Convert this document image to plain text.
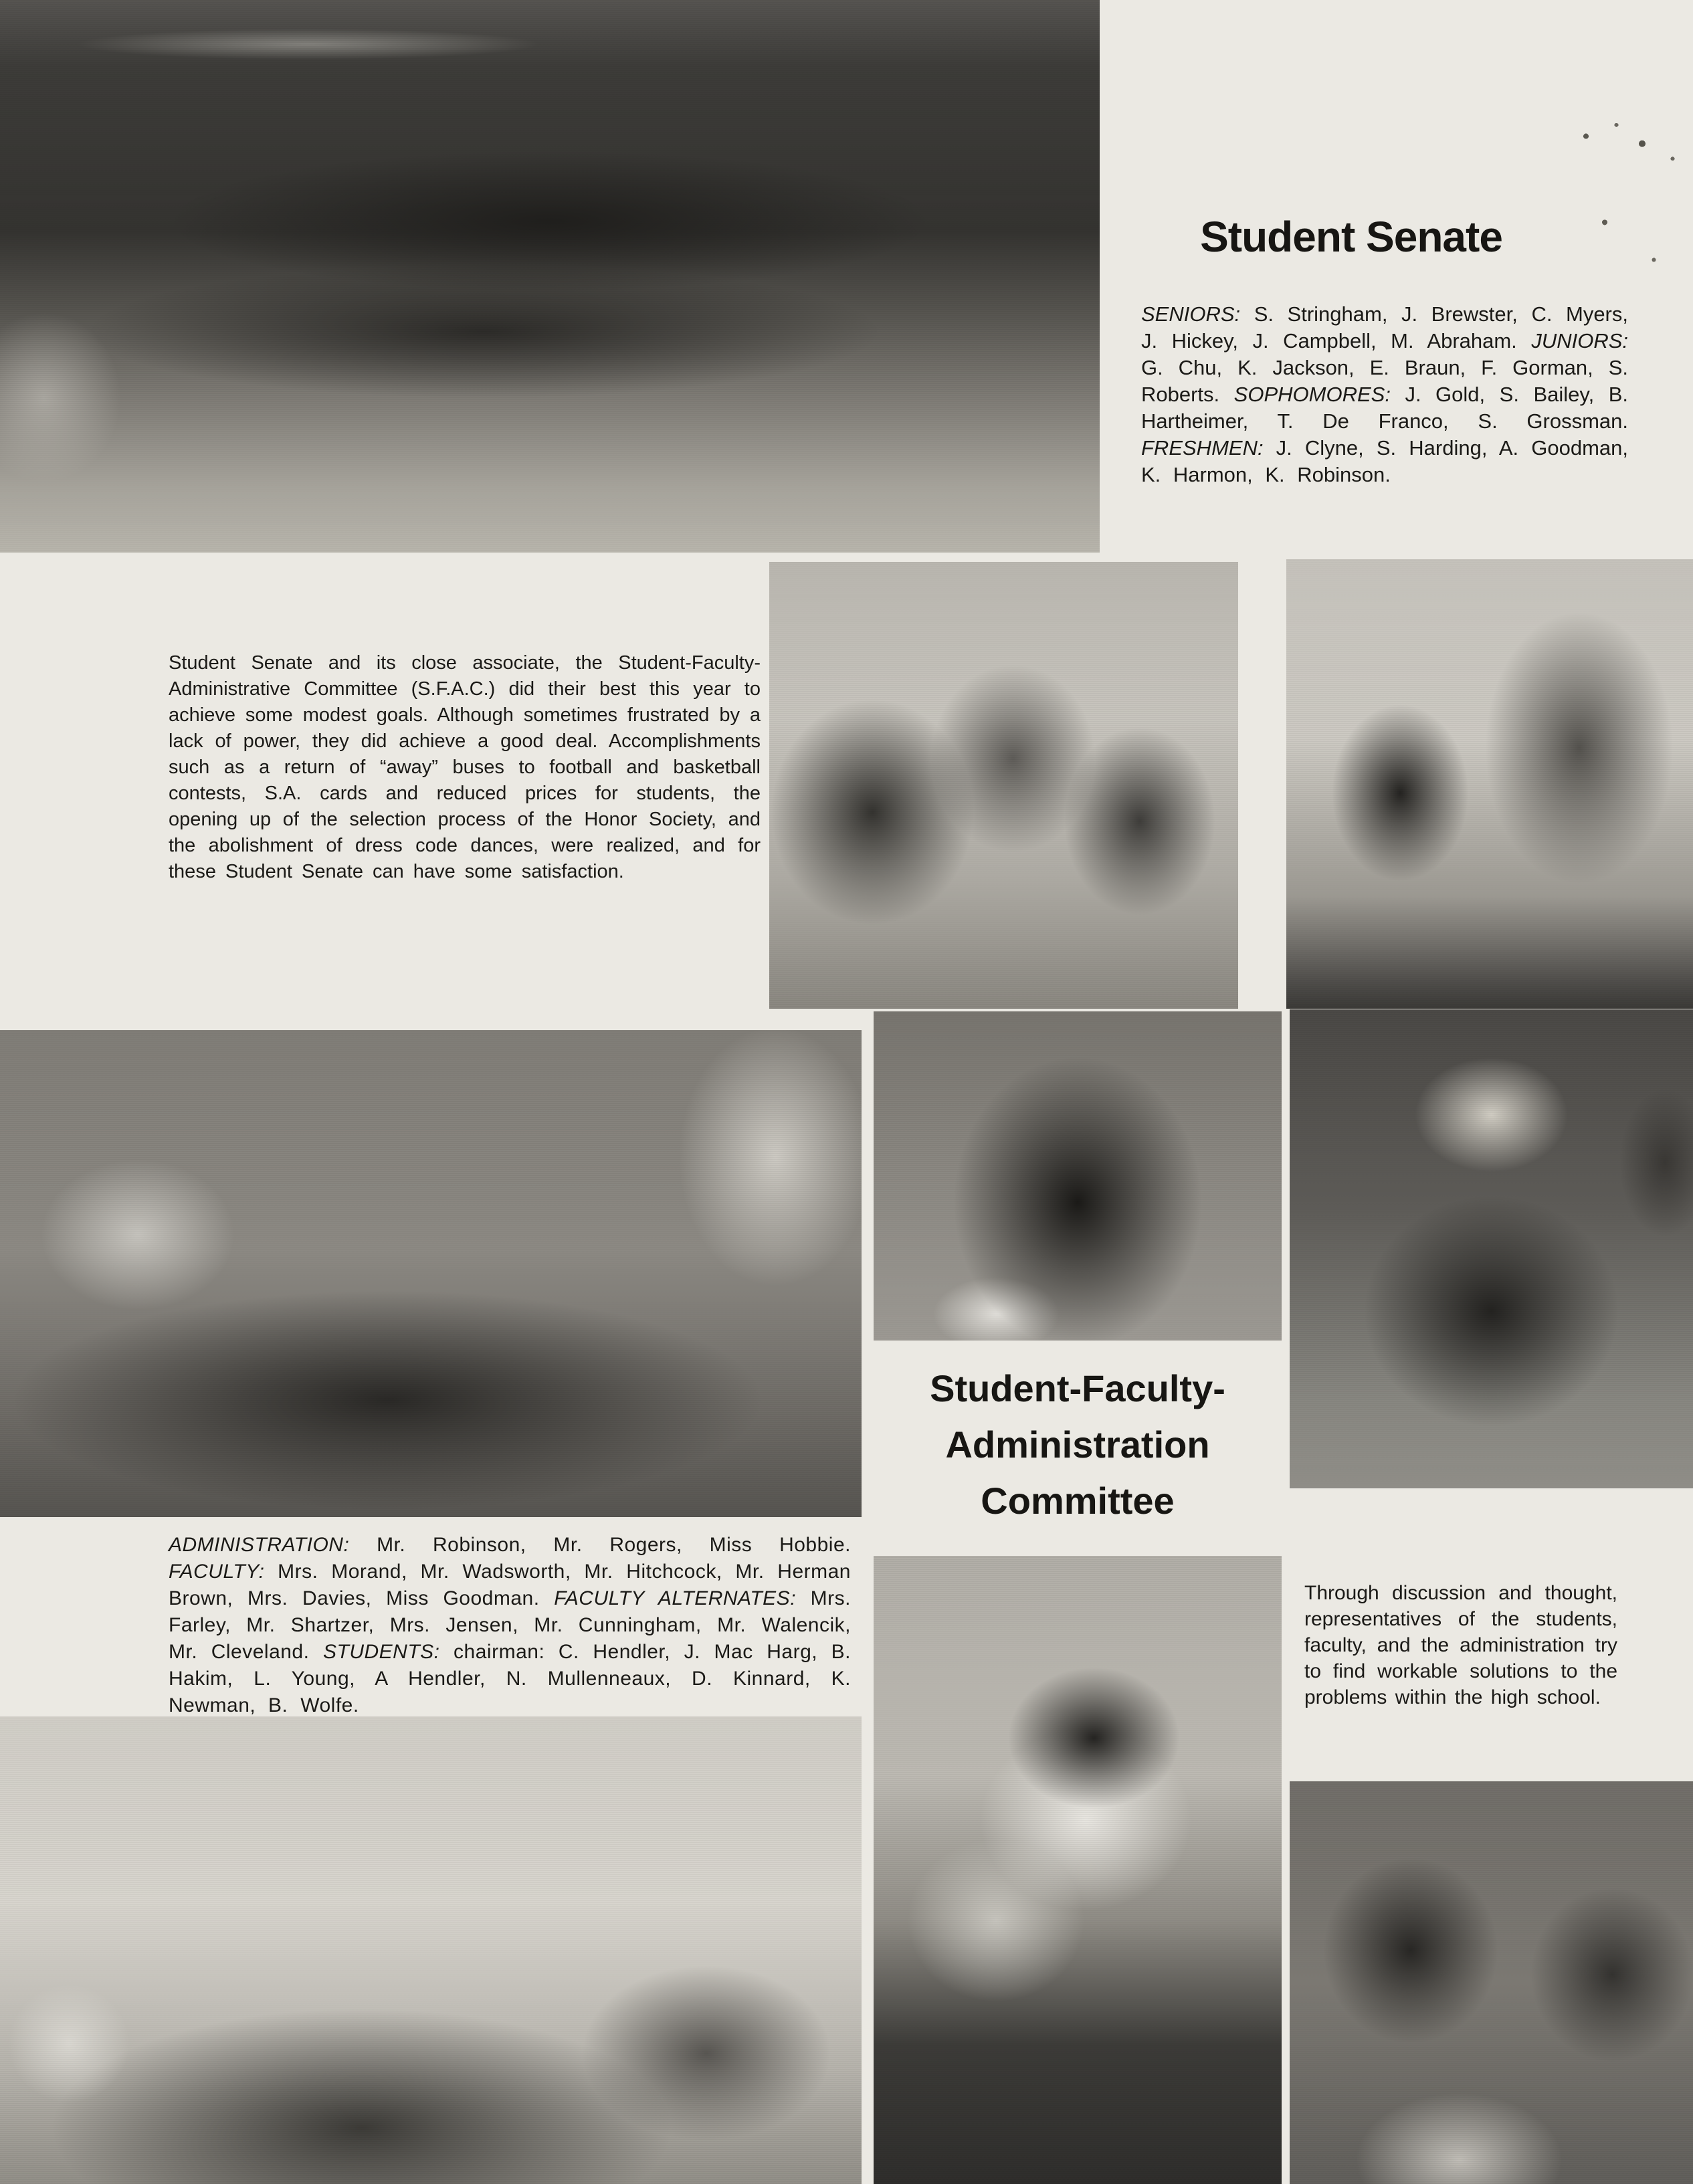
Student Senate

SENIORS: S. Stringham, J. Brewster, C. Myers, J. Hickey, J. Campbell, M. Abraham. JUNIORS: G. Chu, K. Jackson, E. Braun, F. Gorman, S. Roberts. SOPHOMORES: J. Gold, S. Bailey, B. Hartheimer, T. De Franco, S. Grossman. FRESHMEN: J. Clyne, S. Harding, A. Goodman, K. Harmon, K. Robinson.

Student Senate and its close associate, the Student-Faculty-Administrative Committee (S.F.A.C.) did their best this year to achieve some modest goals. Although sometimes frustrated by a lack of power, they did achieve a good deal. Accomplishments such as a return of “away” buses to football and basketball contests, S.A. cards and reduced prices for students, the opening up of the selection process of the Honor Society, and the abolishment of dress code dances, were realized, and for these Student Senate can have some satisfaction.

Student-Faculty-
Administration
Committee

ADMINISTRATION: Mr. Robinson, Mr. Rogers, Miss Hobbie. FACULTY: Mrs. Morand, Mr. Wadsworth, Mr. Hitchcock, Mr. Herman Brown, Mrs. Davies, Miss Goodman. FACULTY ALTERNATES: Mrs. Farley, Mr. Shartzer, Mrs. Jensen, Mr. Cunningham, Mr. Walencik, Mr. Cleveland. STUDENTS: chairman: C. Hendler, J. Mac Harg, B. Hakim, L. Young, A Hendler, N. Mullenneaux, D. Kinnard, K. Newman, B. Wolfe.

Through discussion and thought, representatives of the students, faculty, and the administration try to find workable solutions to the problems within the high school.
